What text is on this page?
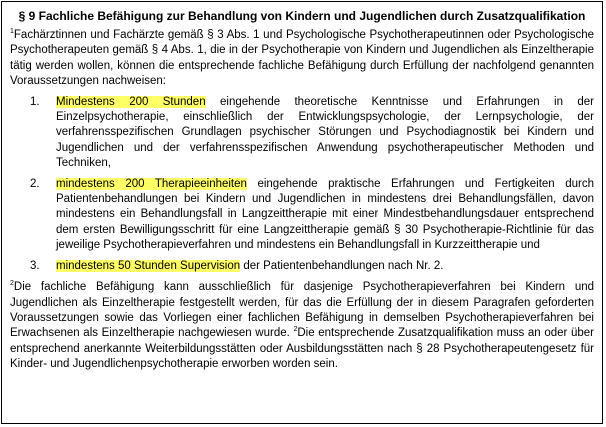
§ 9 Fachliche Befähigung zur Behandlung von Kindern und Jugendlichen durch Zusatzqualifikation

$^1$Fachärztinnen und Fachärzte gemäß § 3 Abs. 1 und Psychologische Psychotherapeutinnen oder Psychologische Psychotherapeuten gemäß § 4 Abs. 1, die in der Psychotherapie von Kindern und Jugendlichen als Einzeltherapie tätig werden wollen, können die entsprechende fachliche Befähigung durch Erfüllung der nachfolgend genannten Voraussetzungen nachweisen:

1.	Mindestens 200 Stunden eingehende theoretische Kenntnisse und Erfahrungen in der Einzelpsychotherapie, einschließlich der Entwicklungspsychologie, der Lernpsychologie, der verfahrensspezifischen Grundlagen psychischer Störungen und Psychodiagnostik bei Kindern und Jugendlichen und der verfahrensspezifischen Anwendung psychotherapeutischer Methoden und Techniken,
2.	mindestens 200 Therapieeinheiten eingehende praktische Erfahrungen und Fertigkeiten durch Patientenbehandlungen bei Kindern und Jugendlichen in mindestens drei Behandlungsfällen, davon mindestens ein Behandlungsfall in Langzeittherapie mit einer Mindestbehandlungsdauer entsprechend dem ersten Bewilligungsschritt für eine Langzeittherapie gemäß § 30 Psychotherapie-Richtlinie für das jeweilige Psychotherapieverfahren und mindestens ein Behandlungsfall in Kurzzeittherapie und
3.	mindestens 50 Stunden Supervision der Patientenbehandlungen nach Nr. 2.

$^2$Die fachliche Befähigung kann ausschließlich für dasjenige Psychotherapieverfahren bei Kindern und Jugendlichen als Einzeltherapie festgestellt werden, für das die Erfüllung der in diesem Paragrafen geforderten Voraussetzungen sowie das Vorliegen einer fachlichen Befähigung in demselben Psychotherapieverfahren bei Erwachsenen als Einzeltherapie nachgewiesen wurde. $^2$Die entsprechende Zusatzqualifikation muss an oder über entsprechend anerkannte Weiterbildungsstätten oder Ausbildungsstätten nach § 28 Psychotherapeutengesetz für Kinder- und Jugendlichenpsychotherapie erworben worden sein.
